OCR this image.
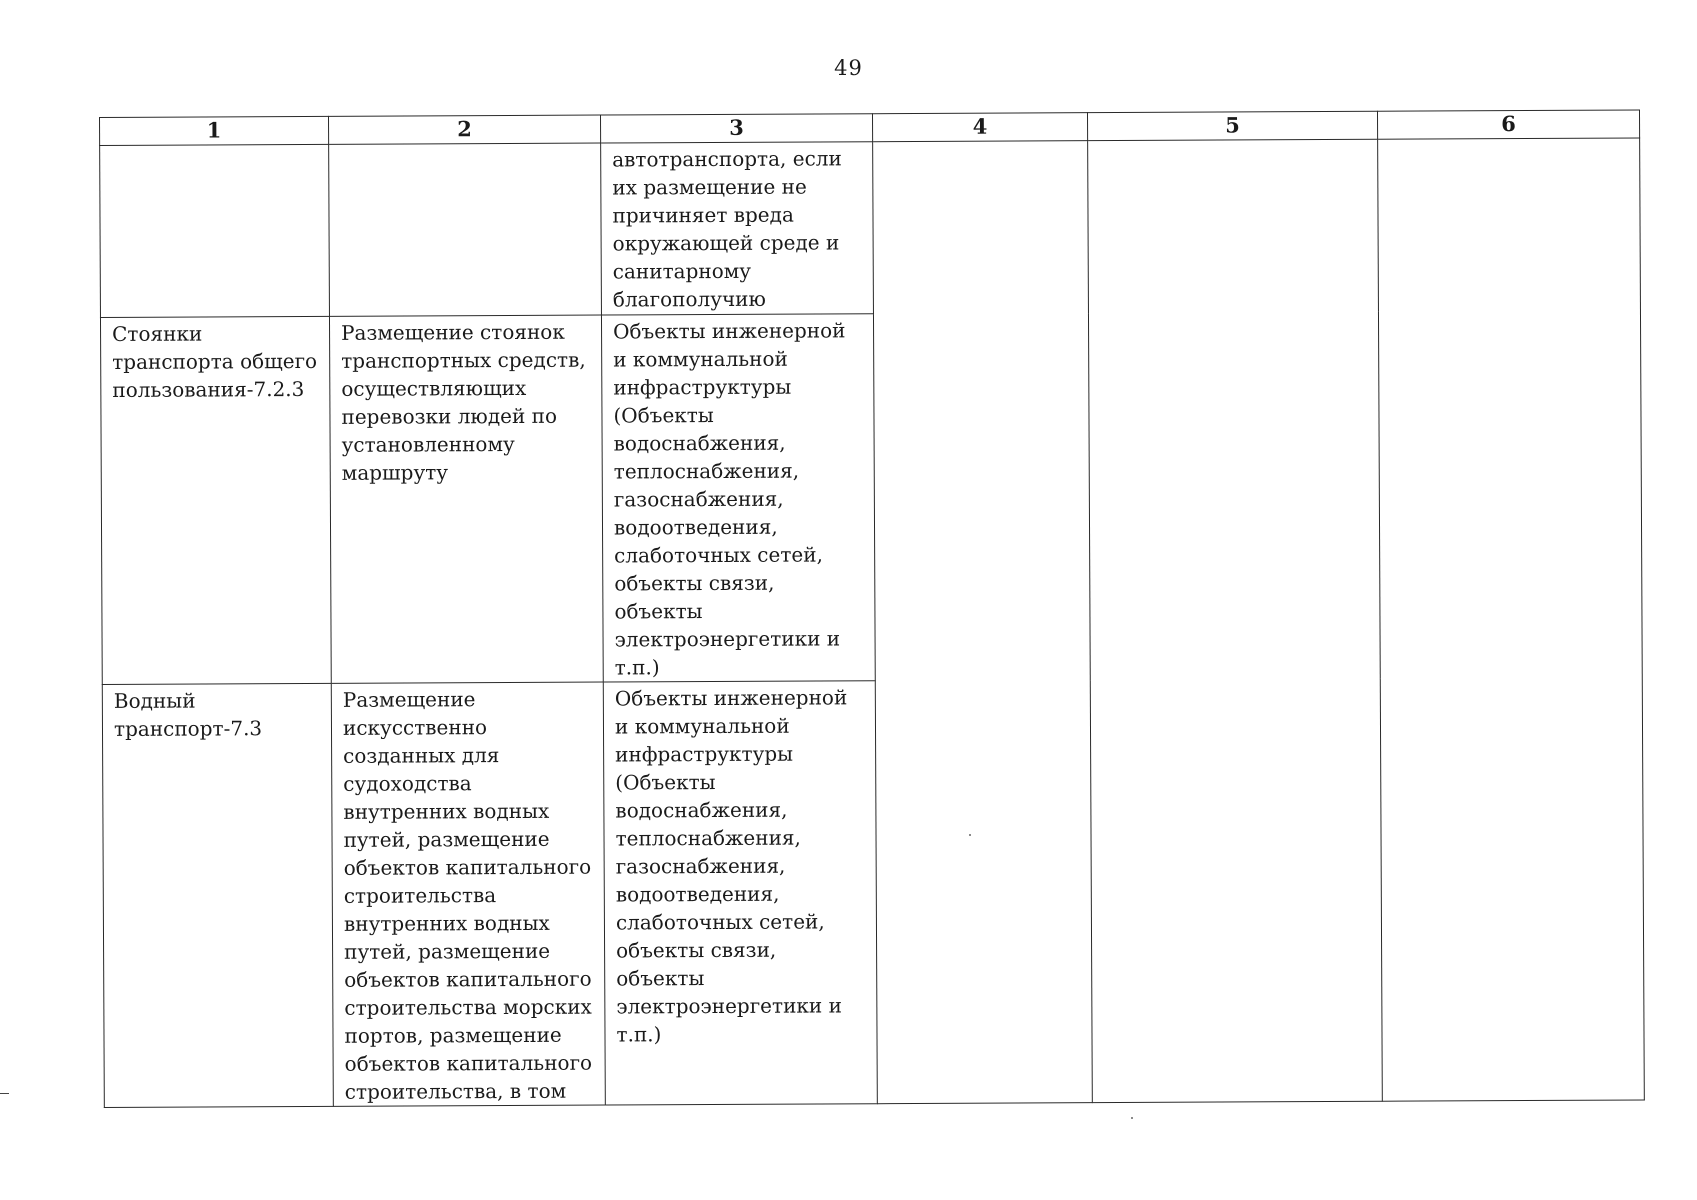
49
1	2	3	4	5	6
		автотранспорта, если их размещение не причиняет вреда окружающей среде и санитарному благополучию			
Стоянки транспорта общего пользования-7.2.3	Размещение стоянок транспортных средств, осуществляющих перевозки людей по установленному маршруту	Объекты инженерной и коммунальной инфраструктуры (Объекты водоснабжения, теплоснабжения, газоснабжения, водоотведения, слаботочных сетей, объекты связи, объекты электроэнергетики и т.п.)			
Водный транспорт-7.3	Размещение искусственно созданных для судоходства внутренних водных путей, размещение объектов капитального строительства внутренних водных путей, размещение объектов капитального строительства морских портов, размещение объектов капитального строительства, в том	Объекты инженерной и коммунальной инфраструктуры (Объекты водоснабжения, теплоснабжения, газоснабжения, водоотведения, слаботочных сетей, объекты связи, объекты электроэнергетики и т.п.)			
